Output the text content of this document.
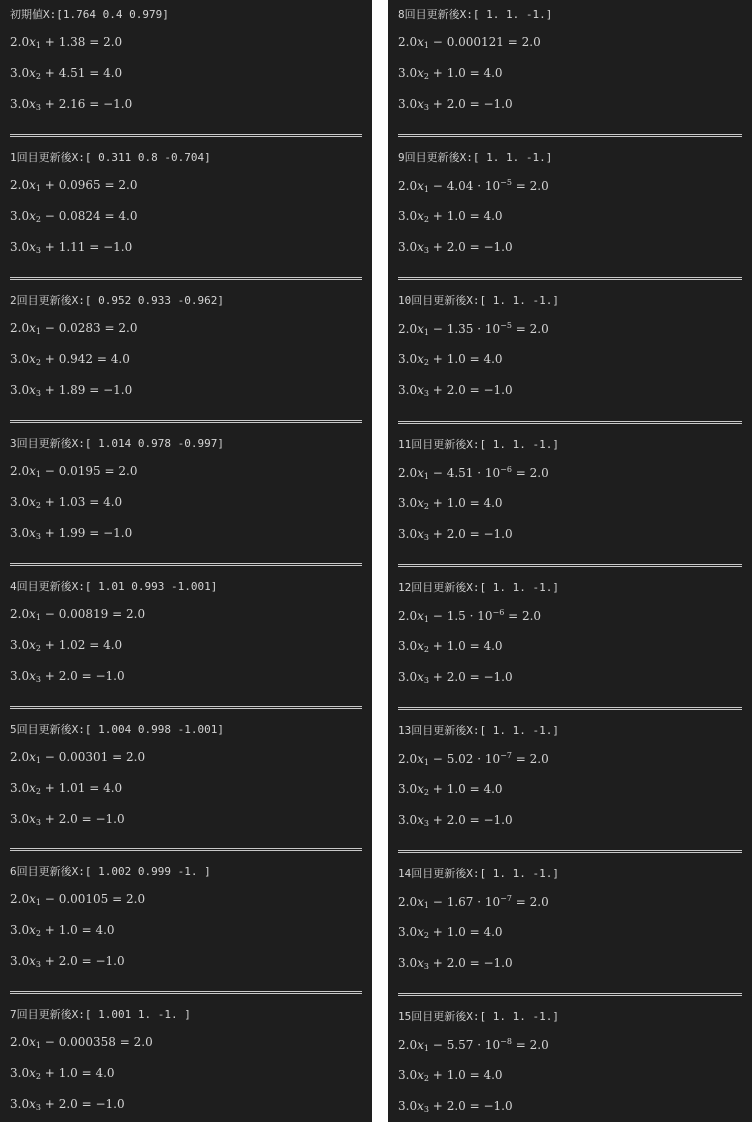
初期値X:[1.764 0.4 0.979]
$2.0x_1 + 1.38 = 2.0$
$3.0x_2 + 4.51 = 4.0$
$3.0x_3 + 2.16 = -1.0$
1回目更新後X:[ 0.311 0.8 -0.704]
$2.0x_1 + 0.0965 = 2.0$
$3.0x_2 - 0.0824 = 4.0$
$3.0x_3 + 1.11 = -1.0$
2回目更新後X:[ 0.952 0.933 -0.962]
$2.0x_1 - 0.0283 = 2.0$
$3.0x_2 + 0.942 = 4.0$
$3.0x_3 + 1.89 = -1.0$
3回目更新後X:[ 1.014 0.978 -0.997]
$2.0x_1 - 0.0195 = 2.0$
$3.0x_2 + 1.03 = 4.0$
$3.0x_3 + 1.99 = -1.0$
4回目更新後X:[ 1.01 0.993 -1.001]
$2.0x_1 - 0.00819 = 2.0$
$3.0x_2 + 1.02 = 4.0$
$3.0x_3 + 2.0 = -1.0$
5回目更新後X:[ 1.004 0.998 -1.001]
$2.0x_1 - 0.00301 = 2.0$
$3.0x_2 + 1.01 = 4.0$
$3.0x_3 + 2.0 = -1.0$
6回目更新後X:[ 1.002 0.999 -1. ]
$2.0x_1 - 0.00105 = 2.0$
$3.0x_2 + 1.0 = 4.0$
$3.0x_3 + 2.0 = -1.0$
7回目更新後X:[ 1.001 1. -1. ]
$2.0x_1 - 0.000358 = 2.0$
$3.0x_2 + 1.0 = 4.0$
$3.0x_3 + 2.0 = -1.0$
8回目更新後X:[ 1. 1. -1.]
$2.0x_1 - 0.000121 = 2.0$
$3.0x_2 + 1.0 = 4.0$
$3.0x_3 + 2.0 = -1.0$
9回目更新後X:[ 1. 1. -1.]
$2.0x_1 - 4.04 \cdot 10^{-5} = 2.0$
$3.0x_2 + 1.0 = 4.0$
$3.0x_3 + 2.0 = -1.0$
10回目更新後X:[ 1. 1. -1.]
$2.0x_1 - 1.35 \cdot 10^{-5} = 2.0$
$3.0x_2 + 1.0 = 4.0$
$3.0x_3 + 2.0 = -1.0$
11回目更新後X:[ 1. 1. -1.]
$2.0x_1 - 4.51 \cdot 10^{-6} = 2.0$
$3.0x_2 + 1.0 = 4.0$
$3.0x_3 + 2.0 = -1.0$
12回目更新後X:[ 1. 1. -1.]
$2.0x_1 - 1.5 \cdot 10^{-6} = 2.0$
$3.0x_2 + 1.0 = 4.0$
$3.0x_3 + 2.0 = -1.0$
13回目更新後X:[ 1. 1. -1.]
$2.0x_1 - 5.02 \cdot 10^{-7} = 2.0$
$3.0x_2 + 1.0 = 4.0$
$3.0x_3 + 2.0 = -1.0$
14回目更新後X:[ 1. 1. -1.]
$2.0x_1 - 1.67 \cdot 10^{-7} = 2.0$
$3.0x_2 + 1.0 = 4.0$
$3.0x_3 + 2.0 = -1.0$
15回目更新後X:[ 1. 1. -1.]
$2.0x_1 - 5.57 \cdot 10^{-8} = 2.0$
$3.0x_2 + 1.0 = 4.0$
$3.0x_3 + 2.0 = -1.0$
